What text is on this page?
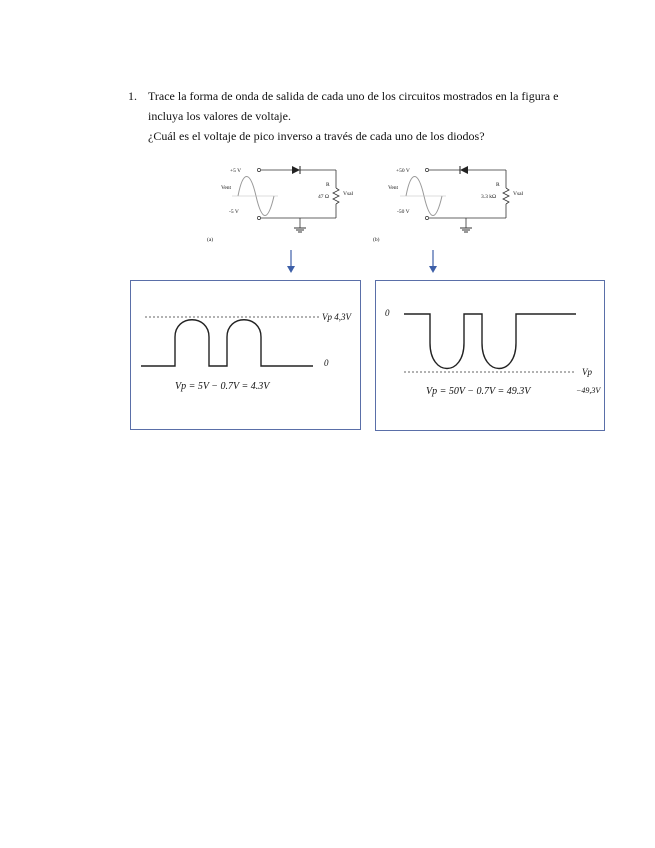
1. Trace la forma de onda de salida de cada uno de los circuitos mostrados en la figura e
incluya los valores de voltaje.
¿Cuál es el voltaje de pico inverso a través de cada uno de los diodos?
+5 V
Vent
-5 V
R
47 Ω	Vsal
(a)
+50 V
Vent
-50 V
R
3.3 kΩ	Vsal
(b)
Vp 4,3V
0
Vp = 5V − 0.7V = 4.3V
0
Vp
−49,3V
Vp = 50V − 0.7V = 49.3V
